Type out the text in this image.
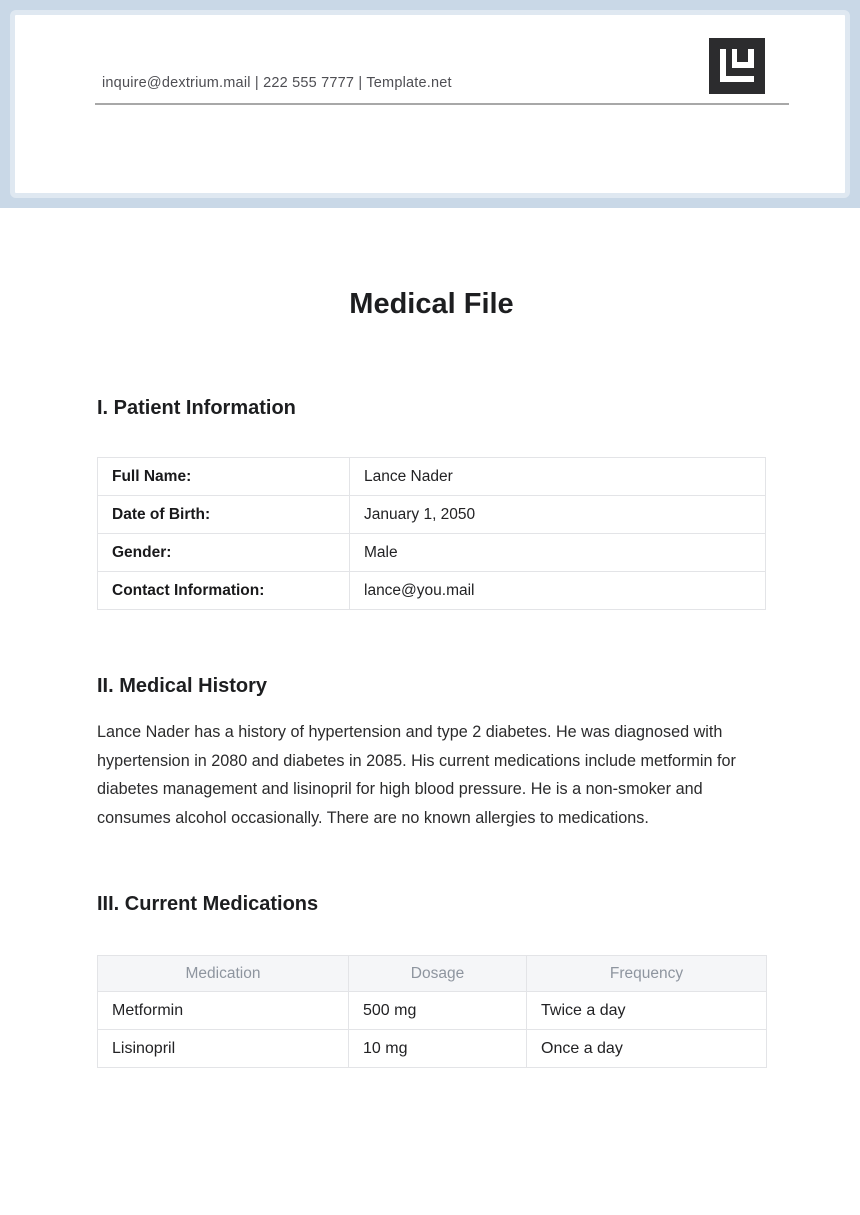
inquire@dextrium.mail | 222 555 7777 | Template.net
Medical File
I. Patient Information
Full Name:	Lance Nader
Date of Birth:	January 1, 2050
Gender:	Male
Contact Information:	lance@you.mail
II. Medical History

Lance Nader has a history of hypertension and type 2 diabetes. He was diagnosed with hypertension in 2080 and diabetes in 2085. His current medications include metformin for diabetes management and lisinopril for high blood pressure. He is a non-smoker and consumes alcohol occasionally. There are no known allergies to medications.

III. Current Medications
Medication	Dosage	Frequency
Metformin	500 mg	Twice a day
Lisinopril	10 mg	Once a day
